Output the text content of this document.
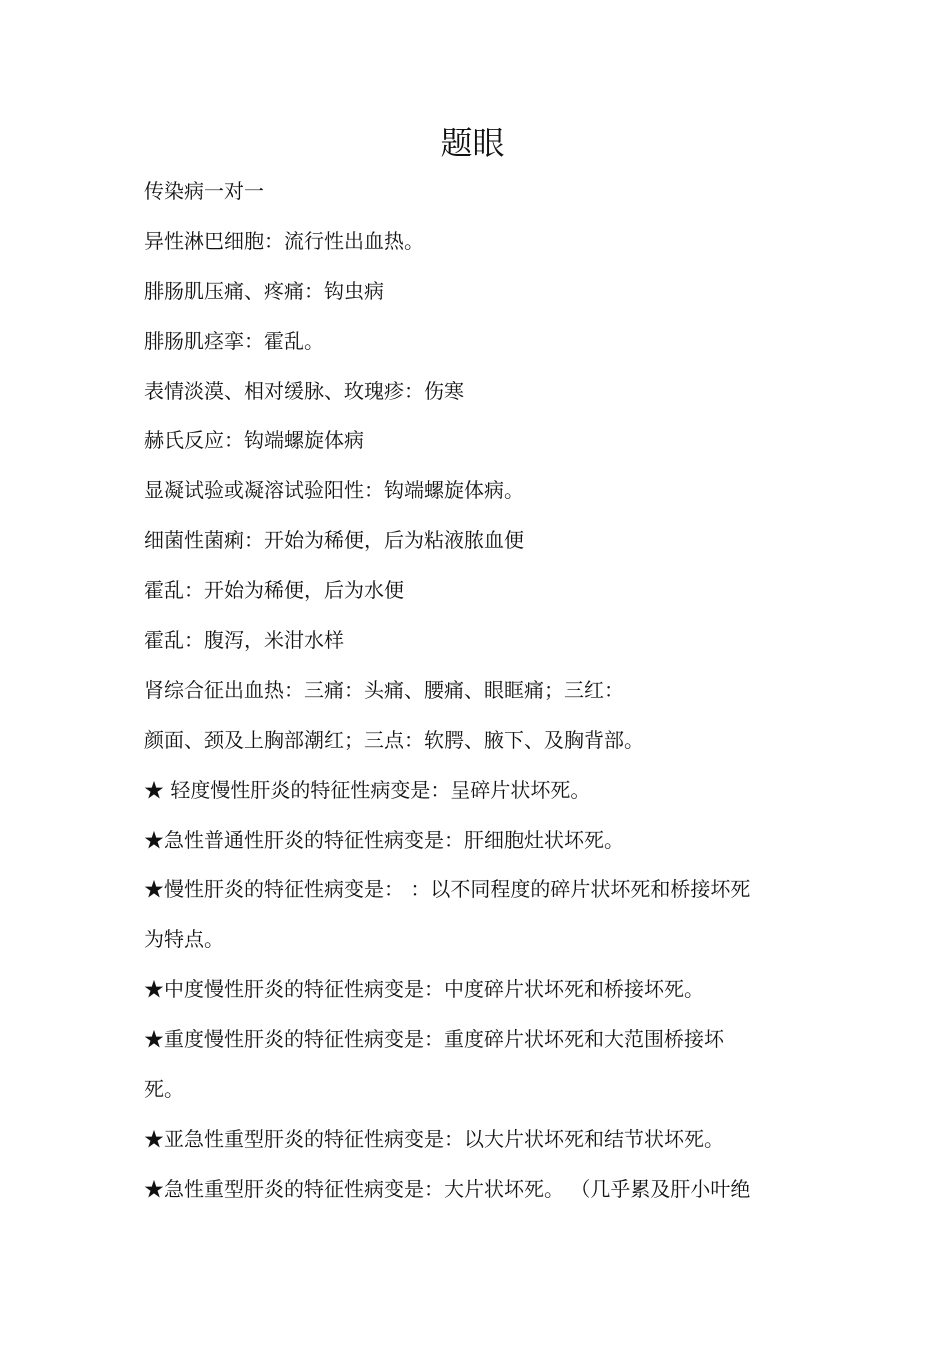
题眼
传染病一对一
异性淋巴细胞：流行性出血热。
腓肠肌压痛、疼痛：钩虫病
腓肠肌痉挛：霍乱。
表情淡漠、相对缓脉、玫瑰疹：伤寒
赫氏反应：钩端螺旋体病
显凝试验或凝溶试验阳性：钩端螺旋体病。
细菌性菌痢：开始为稀便，后为粘液脓血便
霍乱：开始为稀便，后为水便
霍乱：腹泻，米泔水样
肾综合征出血热：三痛：头痛、腰痛、眼眶痛；三红：
颜面、颈及上胸部潮红；三点：软腭、腋下、及胸背部。
★ 轻度慢性肝炎的特征性病变是：呈碎片状坏死。
★急性普通性肝炎的特征性病变是：肝细胞灶状坏死。
★慢性肝炎的特征性病变是： ：以不同程度的碎片状坏死和桥接坏死
为特点。
★中度慢性肝炎的特征性病变是：中度碎片状坏死和桥接坏死。
★重度慢性肝炎的特征性病变是：重度碎片状坏死和大范围桥接坏
死。
★亚急性重型肝炎的特征性病变是：以大片状坏死和结节状坏死。
★急性重型肝炎的特征性病变是：大片状坏死。 （几乎累及肝小叶绝
